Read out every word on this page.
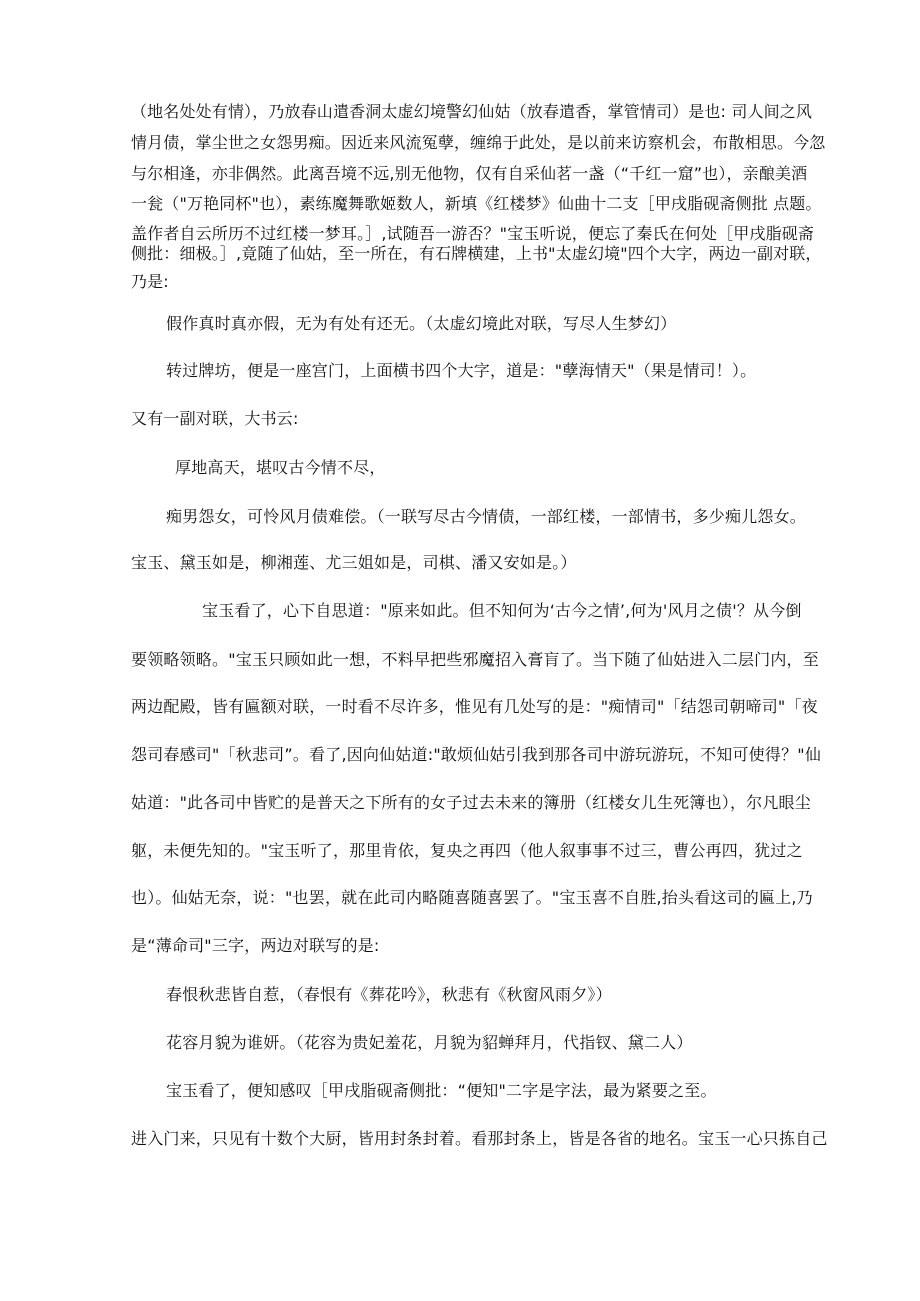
（地名处处有情），乃放春山遣香洞太虚幻境警幻仙姑（放春遣香，掌管情司）是也: 司人间之风
情月债，掌尘世之女怨男痴。因近来风流冤孽，缠绵于此处，是以前来访察机会，布散相思。今忽
与尔相逢，亦非偶然。此离吾境不远,别无他物，仅有自采仙茗一盏（“千红一窟”也），亲酿美酒
一瓮（"万艳同杯"也），素练魔舞歌姬数人，新填《红楼梦》仙曲十二支［甲戌脂砚斋侧批 点题。
盖作者自云所历不过红楼一梦耳。］,试随吾一游否？"宝玉听说，便忘了秦氏在何处［甲戌脂砚斋
侧批：细极。］,竟随了仙姑，至一所在，有石牌横建，上书"太虚幻境"四个大字，两边一副对联，
乃是:
假作真时真亦假，无为有处有还无。（太虚幻境此对联，写尽人生梦幻）
转过牌坊，便是一座宫门，上面横书四个大字，道是："孽海情天"（果是情司！）。
又有一副对联，大书云:
厚地高天，堪叹古今情不尽，
痴男怨女，可怜风月债难偿。（一联写尽古今情债，一部红楼，一部情书，多少痴儿怨女。
宝玉、黛玉如是，柳湘莲、尤三姐如是，司棋、潘又安如是。）
宝玉看了，心下自思道："原来如此。但不知何为‘古今之情’,何为'风月之债'？从今倒
要领略领略。"宝玉只顾如此一想，不料早把些邪魔招入膏肓了。当下随了仙姑进入二层门内，至
两边配殿，皆有匾额对联，一时看不尽许多，惟见有几处写的是："痴情司"「结怨司朝啼司"「夜
怨司春感司"「秋悲司”。看了,因向仙姑道:"敢烦仙姑引我到那各司中游玩游玩，不知可使得？"仙
姑道："此各司中皆贮的是普天之下所有的女子过去未来的簿册（红楼女儿生死簿也），尔凡眼尘
躯，未便先知的。"宝玉听了，那里肯依，复央之再四（他人叙事事不过三，曹公再四，犹过之
也）。仙姑无奈，说："也罢，就在此司内略随喜随喜罢了。"宝玉喜不自胜,抬头看这司的匾上,乃
是“薄命司"三字，两边对联写的是:
春恨秋悲皆自惹，（春恨有《葬花吟》，秋悲有《秋窗风雨夕》）
花容月貌为谁妍。（花容为贵妃羞花，月貌为貂蝉拜月，代指钗、黛二人）
宝玉看了，便知感叹［甲戌脂砚斋侧批：“便知"二字是字法，最为紧要之至。
进入门来，只见有十数个大厨，皆用封条封着。看那封条上，皆是各省的地名。宝玉一心只拣自己
